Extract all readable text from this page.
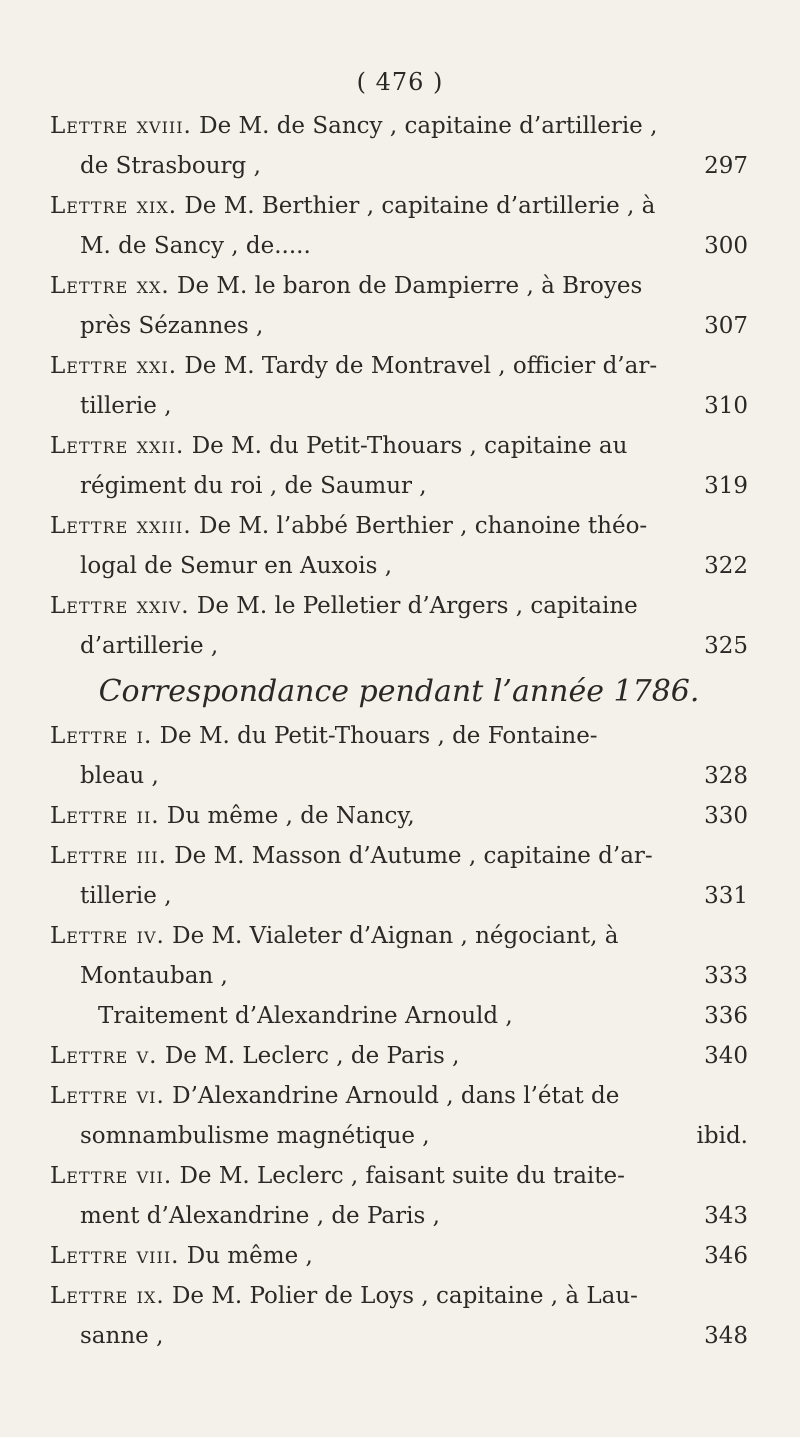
( 476 )
Lettre xviii. De M. de Sancy , capitaine d’artillerie ,
de Strasbourg ,	297
Lettre xix. De M. Berthier , capitaine d’artillerie , à
M. de Sancy , de.....	300
Lettre xx. De M. le baron de Dampierre , à Broyes
près Sézannes ,	307
Lettre xxi. De M. Tardy de Montravel , officier d’ar-
tillerie ,	310
Lettre xxii. De M. du Petit-Thouars , capitaine au
régiment du roi , de Saumur ,	319
Lettre xxiii. De M. l’abbé Berthier , chanoine théo-
logal de Semur en Auxois ,	322
Lettre xxiv. De M. le Pelletier d’Argers , capitaine
d’artillerie ,	325
Correspondance pendant l’année 1786.
Lettre i. De M. du Petit-Thouars , de Fontaine-
bleau ,	328
Lettre ii. Du même , de Nancy,	330
Lettre iii. De M. Masson d’Autume , capitaine d’ar-
tillerie ,	331
Lettre iv. De M. Vialeter d’Aignan , négociant, à
Montauban ,	333
Traitement d’Alexandrine Arnould ,	336
Lettre v. De M. Leclerc , de Paris ,	340
Lettre vi. D’Alexandrine Arnould , dans l’état de
somnambulisme magnétique ,	ibid.
Lettre vii. De M. Leclerc , faisant suite du traite-
ment d’Alexandrine , de Paris ,	343
Lettre viii. Du même ,	346
Lettre ix. De M. Polier de Loys , capitaine , à Lau-
sanne ,	348
